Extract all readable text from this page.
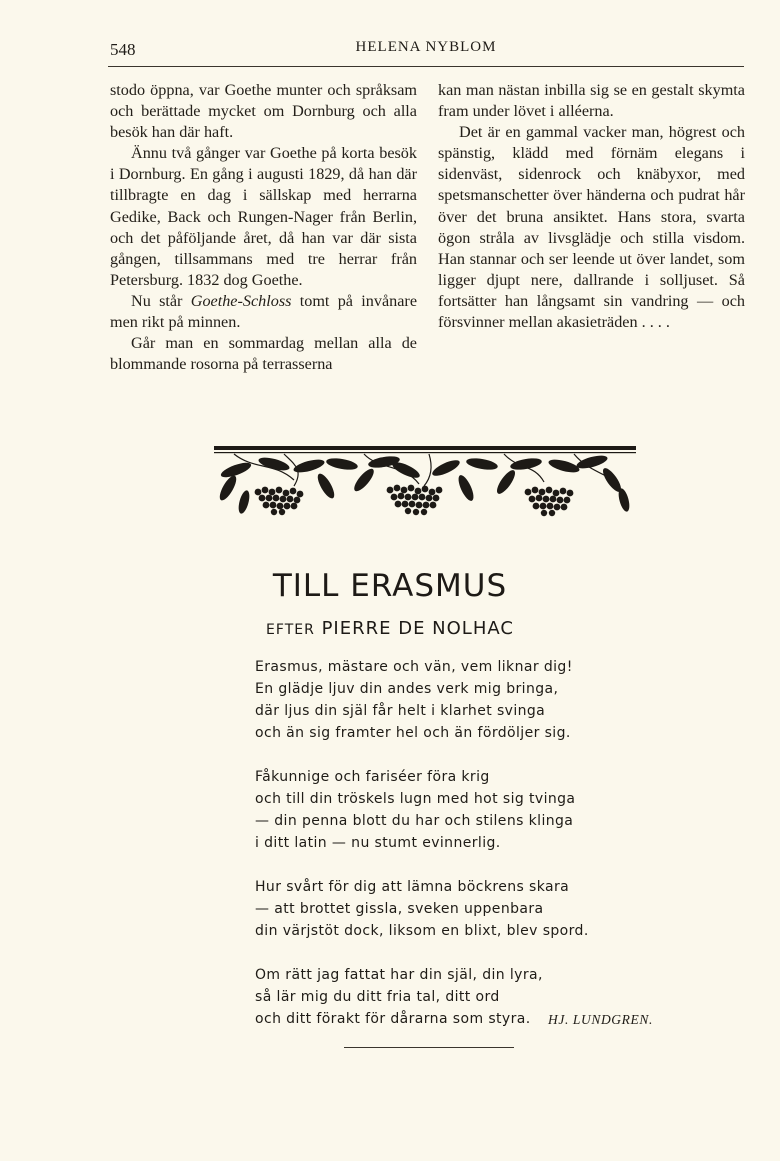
548	HELENA NYBLOM

stodo öppna, var Goethe munter och språksam och berättade mycket om Dornburg och alla besök han där haft.

Ännu två gånger var Goethe på korta besök i Dornburg. En gång i augusti 1829, då han där tillbragte en dag i sällskap med herrarna Gedike, Back och Rungen-Nager från Berlin, och det påföljande året, då han var där sista gången, tillsammans med tre herrar från Petersburg. 1832 dog Goethe.

Nu står Goethe-Schloss tomt på invånare men rikt på minnen.

Går man en sommardag mellan alla de blommande rosorna på terrasserna

kan man nästan inbilla sig se en gestalt skymta fram under lövet i alléerna.

Det är en gammal vacker man, högrest och spänstig, klädd med förnäm elegans i sidenväst, sidenrock och knäbyxor, med spetsmanschetter över händerna och pudrat hår över det bruna ansiktet. Hans stora, svarta ögon stråla av livsglädje och stilla visdom. Han stannar och ser leende ut över landet, som ligger djupt nere, dallrande i solljuset. Så fortsätter han långsamt sin vandring — och försvinner mellan akasieträden . . . .

TILL ERASMUS
EFTER PIERRE DE NOLHAC
Erasmus, mästare och vän, vem liknar dig!
En glädje ljuv din andes verk mig bringa,
där ljus din själ får helt i klarhet svinga
och än sig framter hel och än fördöljer sig.
Fåkunnige och fariséer föra krig
och till din tröskels lugn med hot sig tvinga
— din penna blott du har och stilens klinga
i ditt latin — nu stumt evinnerlig.
Hur svårt för dig att lämna böckrens skara
— att brottet gissla, sveken uppenbara
din värjstöt dock, liksom en blixt, blev spord.
Om rätt jag fattat har din själ, din lyra,
så lär mig du ditt fria tal, ditt ord
och ditt förakt för dårarna som styra.	HJ. LUNDGREN.
